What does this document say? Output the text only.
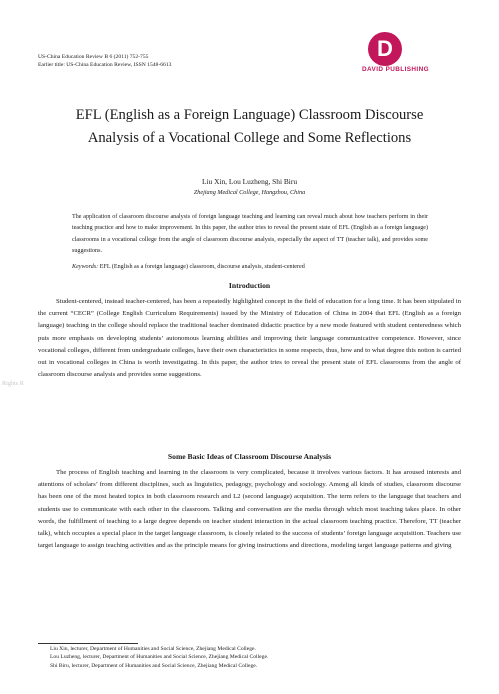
US-China Education Review B 6 (2011) 752-755
Earlier title: US-China Education Review, ISSN 1548-6613
D
DAVID PUBLISHING
EFL (English as a Foreign Language) Classroom Discourse
Analysis of a Vocational College and Some Reflections
Liu Xin, Lou Luzheng, Shi Biru
Zhejiang Medical College, Hangzhou, China
The application of classroom discourse analysis of foreign language teaching and learning can reveal much about how teachers perform in their teaching practice and how to make improvement. In this paper, the author tries to reveal the present state of EFL (English as a foreign language) classrooms in a vocational college from the angle of classroom discourse analysis, especially the aspect of TT (teacher talk), and provides some suggestions.
Keywords: EFL (English as a foreign language) classroom, discourse analysis, student-centered
Introduction
Student-centered, instead teacher-centered, has been a repeatedly highlighted concept in the field of education for a long time. It has been stipulated in the current “CECR” (College English Curriculum Requirements) issued by the Ministry of Education of China in 2004 that EFL (English as a foreign language) teaching in the college should replace the traditional teacher dominated didactic practice by a new mode featured with student centeredness which puts more emphasis on developing students’ autonomous learning abilities and improving their language communicative competence. However, since vocational colleges, different from undergraduate colleges, have their own characteristics in some respects, thus, how and to what degree this notion is carried out in vocational colleges in China is worth investigating. In this paper, the author tries to reveal the present state of EFL classrooms from the angle of classroom discourse analysis and provides some suggestions.
Some Basic Ideas of Classroom Discourse Analysis
The process of English teaching and learning in the classroom is very complicated, because it involves various factors. It has aroused interests and attentions of scholars’ from different disciplines, such as linguistics, pedagogy, psychology and sociology. Among all kinds of studies, classroom discourse has been one of the most heated topics in both classroom research and L2 (second language) acquisition. The term refers to the language that teachers and students use to communicate with each other in the classroom. Talking and conversation are the media through which most teaching takes place. In other words, the fulfillment of teaching to a large degree depends on teacher student interaction in the actual classroom teaching practice. Therefore, TT (teacher talk), which occupies a special place in the target language classroom, is closely related to the success of students’ foreign language acquisition. Teachers use target language to assign teaching activities and as the principle means for giving instructions and directions, modeling target language patterns and giving
Rights R
Liu Xin, lecturer, Department of Humanities and Social Science, Zhejiang Medical College.
Lou Luzheng, lecturer, Department of Humanities and Social Science, Zhejiang Medical College.
Shi Biru, lecturer, Department of Humanities and Social Science, Zhejiang Medical College.
